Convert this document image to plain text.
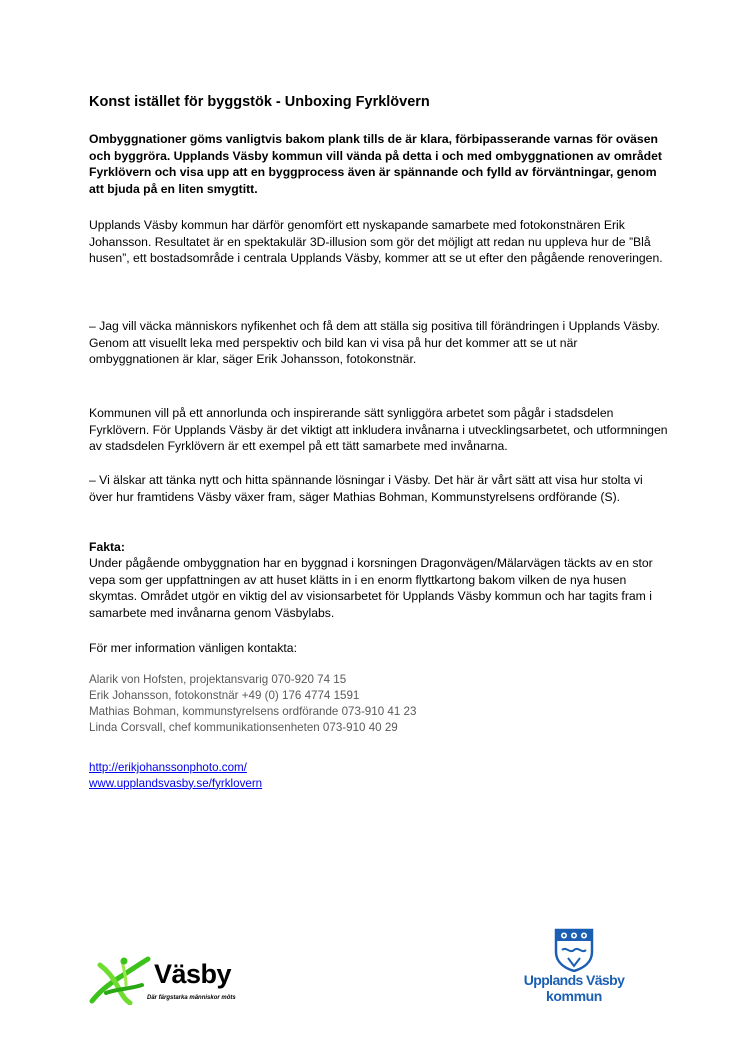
Konst istället för byggstök - Unboxing Fyrklövern

Ombyggnationer göms vanligtvis bakom plank tills de är klara, förbipasserande varnas för oväsen och byggröra. Upplands Väsby kommun vill vända på detta i och med ombyggnationen av området Fyrklövern och visa upp att en byggprocess även är spännande och fylld av förväntningar, genom att bjuda på en liten smygtitt.

Upplands Väsby kommun har därför genomfört ett nyskapande samarbete med fotokonstnären Erik Johansson. Resultatet är en spektakulär 3D-illusion som gör det möjligt att redan nu uppleva hur de ”Blå husen”, ett bostadsområde i centrala Upplands Väsby, kommer att se ut efter den pågående renoveringen.

– Jag vill väcka människors nyfikenhet och få dem att ställa sig positiva till förändringen i Upplands Väsby. Genom att visuellt leka med perspektiv och bild kan vi visa på hur det kommer att se ut när ombyggnationen är klar, säger Erik Johansson, fotokonstnär.

Kommunen vill på ett annorlunda och inspirerande sätt synliggöra arbetet som pågår i stadsdelen Fyrklövern. För Upplands Väsby är det viktigt att inkludera invånarna i utvecklingsarbetet, och utformningen av stadsdelen Fyrklövern är ett exempel på ett tätt samarbete med invånarna.

– Vi älskar att tänka nytt och hitta spännande lösningar i Väsby. Det här är vårt sätt att visa hur stolta vi över hur framtidens Väsby växer fram, säger Mathias Bohman, Kommunstyrelsens ordförande (S).

Fakta:

Under pågående ombyggnation har en byggnad i korsningen Dragonvägen/Mälarvägen täckts av en stor vepa som ger uppfattningen av att huset klätts in i en enorm flyttkartong bakom vilken de nya husen skymtas. Området utgör en viktig del av visionsarbetet för Upplands Väsby kommun och har tagits fram i samarbete med invånarna genom Väsbylabs.

För mer information vänligen kontakta:

Alarik von Hofsten, projektansvarig 070-920 74 15
Erik Johansson, fotokonstnär +49 (0) 176 4774 1591
Mathias Bohman, kommunstyrelsens ordförande 073-910 41 23
Linda Corsvall, chef kommunikationsenheten 073-910 40 29
http://erikjohanssonphoto.com/
www.upplandsvasby.se/fyrklovern
Väsby
Där färgstarka människor möts
Upplands Väsby
kommun
